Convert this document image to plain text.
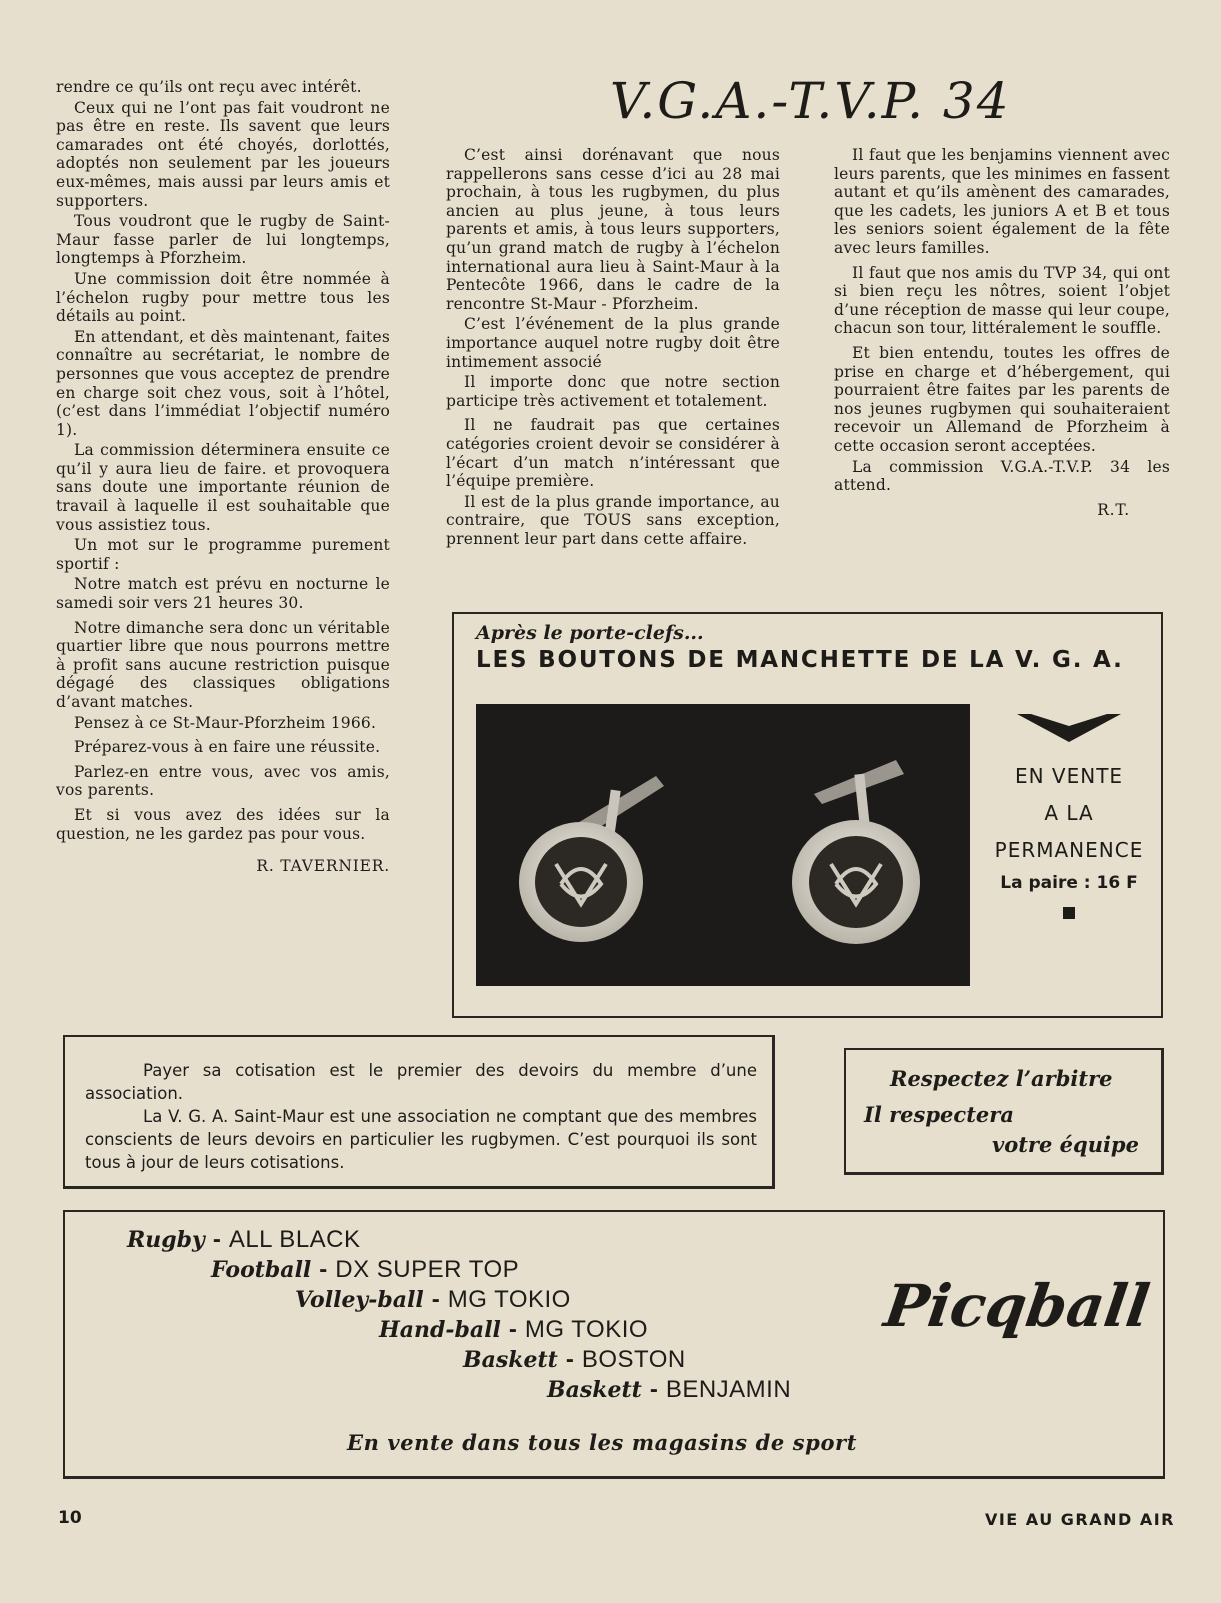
rendre ce qu’ils ont reçu avec intérêt.

Ceux qui ne l’ont pas fait voudront ne pas être en reste. Ils savent que leurs camarades ont été choyés, dorlottés, adoptés non seulement par les joueurs eux-mêmes, mais aussi par leurs amis et supporters.

Tous voudront que le rugby de Saint-Maur fasse parler de lui longtemps, longtemps à Pforzheim.

Une commission doit être nommée à l’échelon rugby pour mettre tous les détails au point.

En attendant, et dès maintenant, faites connaître au secrétariat, le nombre de personnes que vous acceptez de prendre en charge soit chez vous, soit à l’hôtel, (c’est dans l’immédiat l’objectif numéro 1).

La commission déterminera ensuite ce qu’il y aura lieu de faire. et provoquera sans doute une importante réunion de travail à laquelle il est souhaitable que vous assistiez tous.

Un mot sur le programme purement sportif :

Notre match est prévu en nocturne le samedi soir vers 21 heures 30.

Notre dimanche sera donc un véritable quartier libre que nous pourrons mettre à profit sans aucune restriction puisque dégagé des classiques obligations d’avant matches.

Pensez à ce St-Maur-Pforzheim 1966.

Préparez-vous à en faire une réussite.

Parlez-en entre vous, avec vos amis, vos parents.

Et si vous avez des idées sur la question, ne les gardez pas pour vous.

R. TAVERNIER.

V.G.A.-T.V.P. 34

C’est ainsi dorénavant que nous rappellerons sans cesse d’ici au 28 mai prochain, à tous les rugbymen, du plus ancien au plus jeune, à tous leurs parents et amis, à tous leurs supporters, qu’un grand match de rugby à l’échelon international aura lieu à Saint-Maur à la Pentecôte 1966, dans le cadre de la rencontre St-Maur - Pforzheim.

C’est l’événement de la plus grande importance auquel notre rugby doit être intimement associé

Il importe donc que notre section participe très activement et totalement.

Il ne faudrait pas que certaines catégories croient devoir se considérer à l’écart d’un match n’intéressant que l’équipe première.

Il est de la plus grande importance, au contraire, que TOUS sans exception, prennent leur part dans cette affaire.

Il faut que les benjamins viennent avec leurs parents, que les minimes en fassent autant et qu’ils amènent des camarades, que les cadets, les juniors A et B et tous les seniors soient également de la fête avec leurs familles.

Il faut que nos amis du TVP 34, qui ont si bien reçu les nôtres, soient l’objet d’une réception de masse qui leur coupe, chacun son tour, littéralement le souffle.

Et bien entendu, toutes les offres de prise en charge et d’hébergement, qui pourraient être faites par les parents de nos jeunes rugbymen qui souhaiteraient recevoir un Allemand de Pforzheim à cette occasion seront acceptées.

La commission V.G.A.-T.V.P. 34 les attend.

R.T.

Après le porte-clefs...
LES BOUTONS DE MANCHETTE DE LA V. G. A.
EN VENTE
A LA
PERMANENCE
La paire : 16 F

Payer sa cotisation est le premier des devoirs du membre d’une association.

La V. G. A. Saint-Maur est une association ne comptant que des membres conscients de leurs devoirs en particulier les rugbymen. C’est pourquoi ils sont tous à jour de leurs cotisations.

Respectez l’arbitre
Il respectera
votre équipe
Rugby - ALL BLACK
Football - DX SUPER TOP
Volley-ball - MG TOKIO
Hand-ball - MG TOKIO
Baskett - BOSTON
Baskett - BENJAMIN
Picqball
En vente dans tous les magasins de sport
10	VIE AU GRAND AIR
